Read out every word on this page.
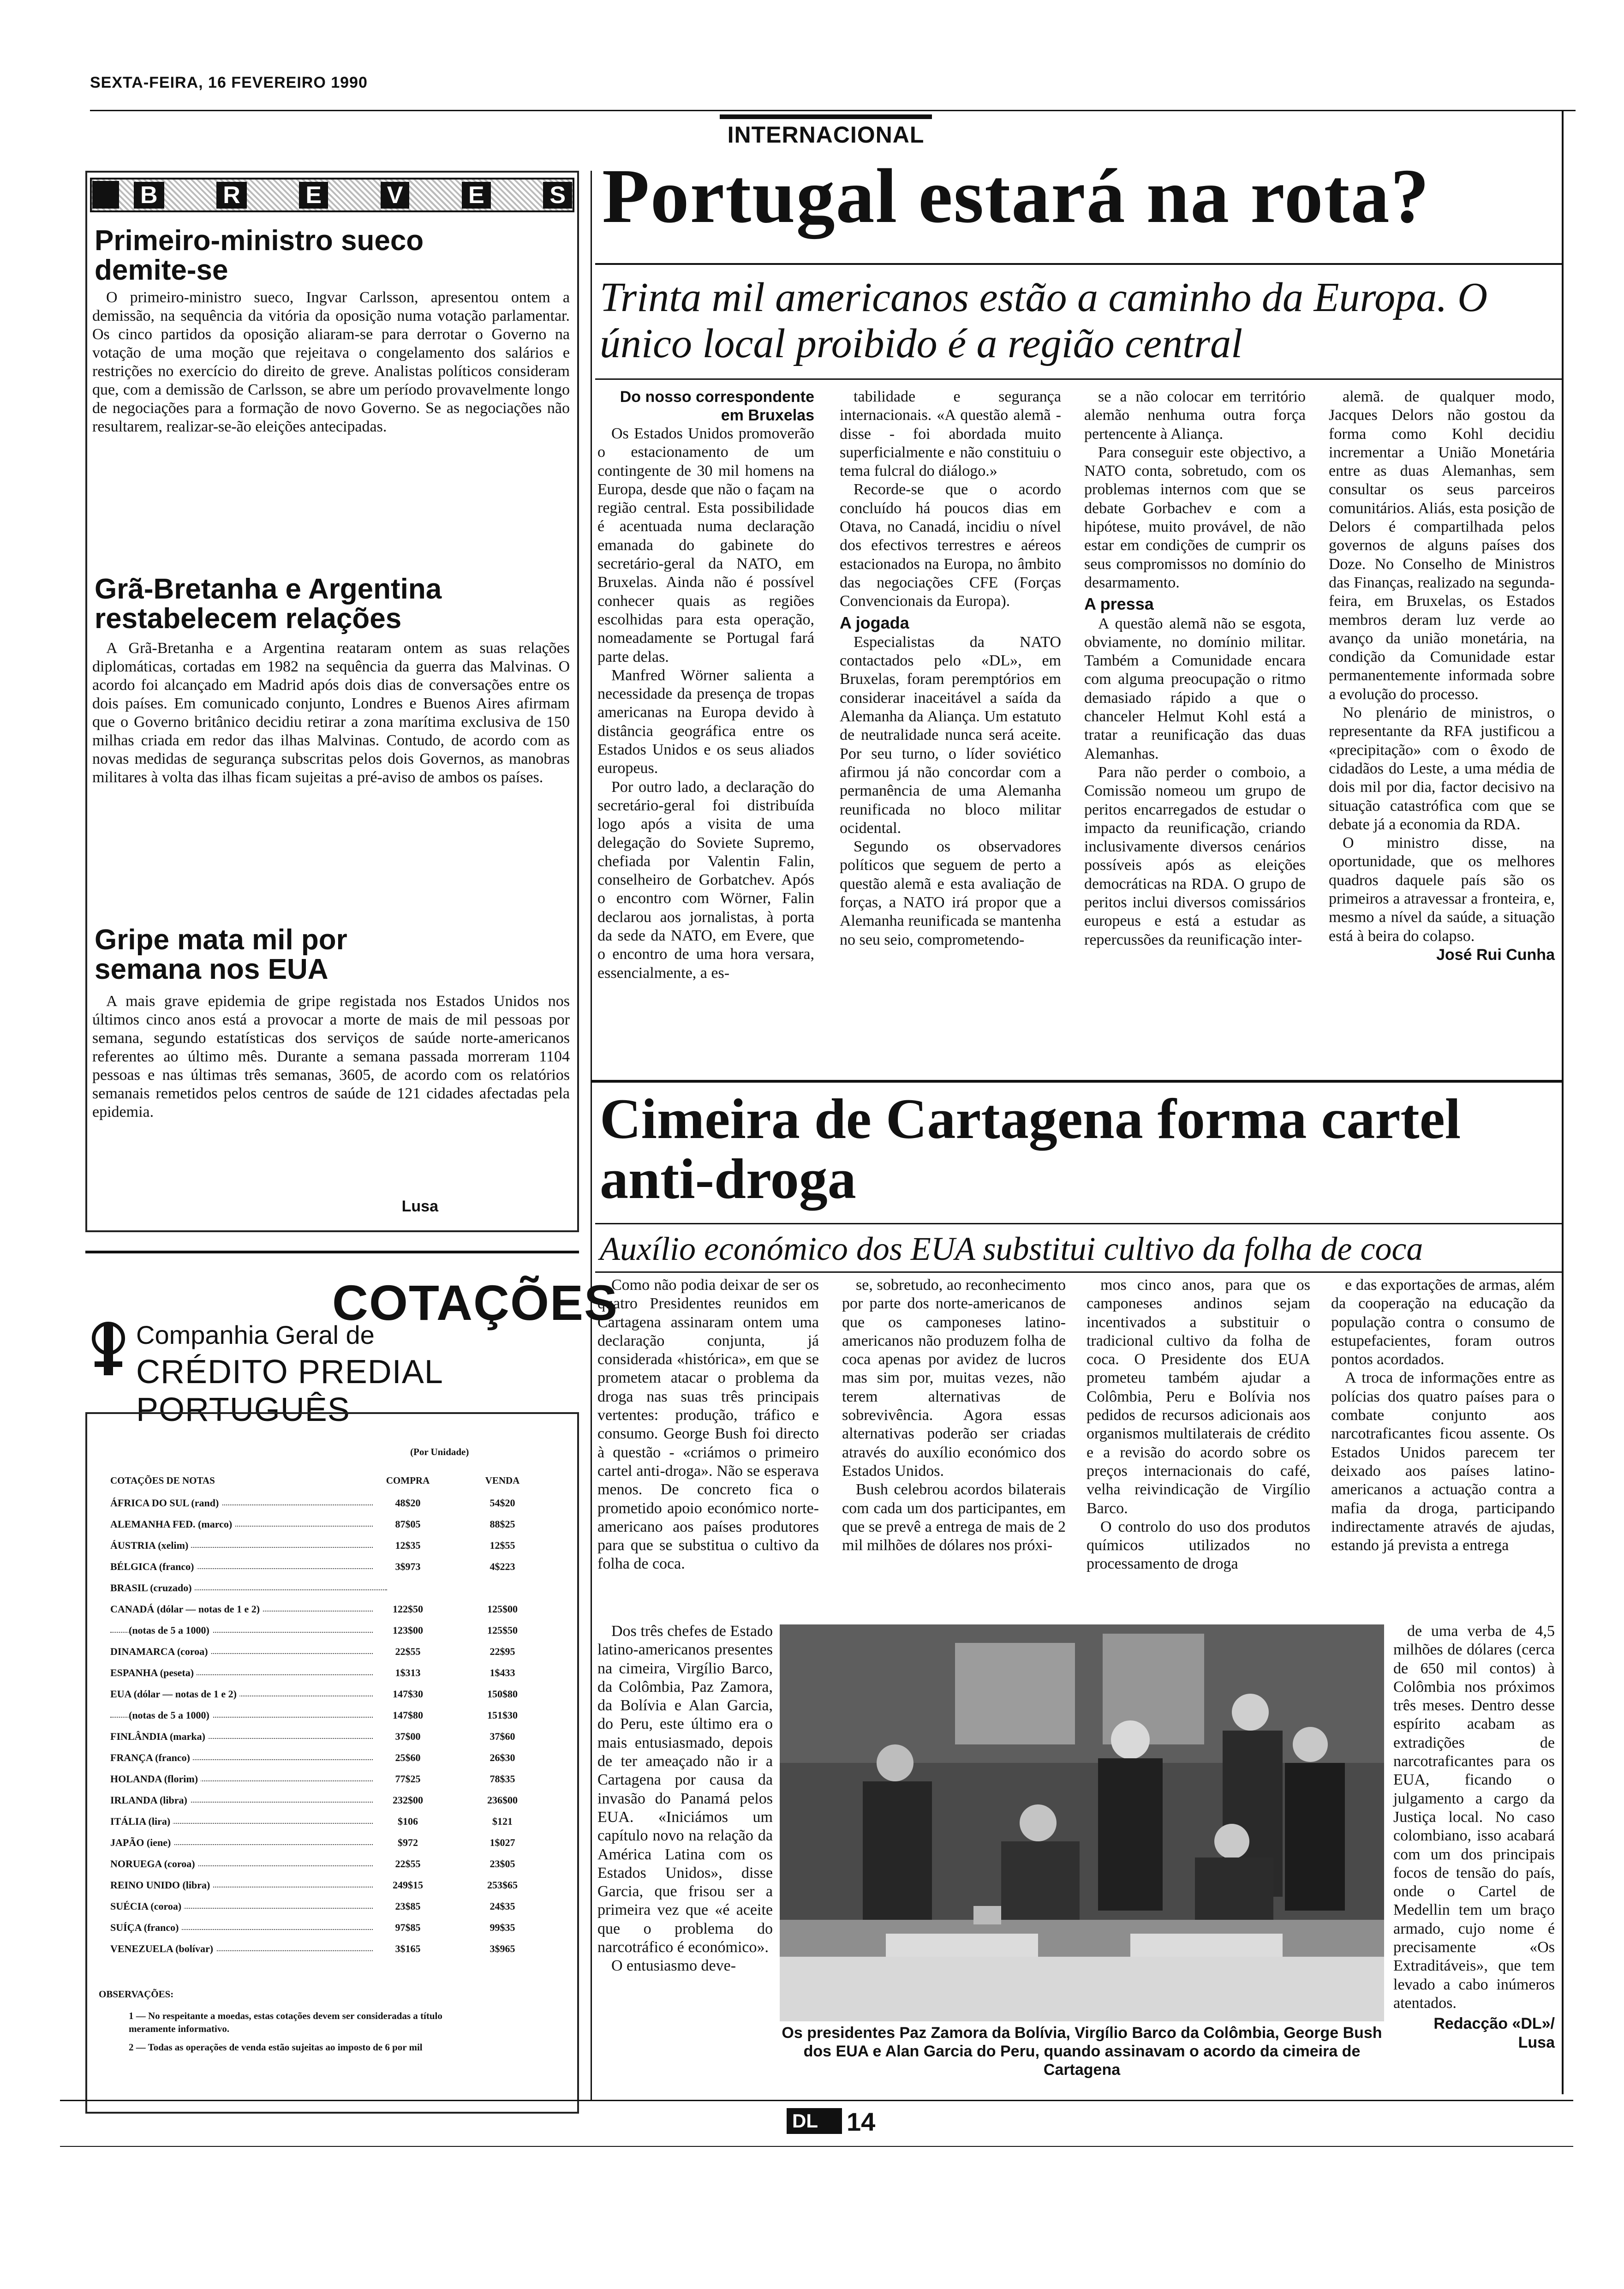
SEXTA-FEIRA, 16 FEVEREIRO 1990
INTERNACIONAL
B	R	E	V	E	S
Primeiro-ministro sueco demite-se
O primeiro-ministro sueco, Ingvar Carlsson, apresentou ontem a demissão, na sequência da vitória da oposição numa votação parlamentar. Os cinco partidos da oposição aliaram-se para derrotar o Governo na votação de uma moção que rejeitava o congelamento dos salários e restrições no exercício do direito de greve. Analistas políticos consideram que, com a demissão de Carlsson, se abre um período provavelmente longo de negociações para a formação de novo Governo. Se as negociações não resultarem, realizar-se-ão eleições antecipadas.
Grã-Bretanha e Argentina restabelecem relações
A Grã-Bretanha e a Argentina reataram ontem as suas relações diplomáticas, cortadas em 1982 na sequência da guerra das Malvinas. O acordo foi alcançado em Madrid após dois dias de conversações entre os dois países. Em comunicado conjunto, Londres e Buenos Aires afirmam que o Governo britânico decidiu retirar a zona marítima exclusiva de 150 milhas criada em redor das ilhas Malvinas. Contudo, de acordo com as novas medidas de segurança subscritas pelos dois Governos, as manobras militares à volta das ilhas ficam sujeitas a pré-aviso de ambos os países.
Gripe mata mil por semana nos EUA
A mais grave epidemia de gripe registada nos Estados Unidos nos últimos cinco anos está a provocar a morte de mais de mil pessoas por semana, segundo estatísticas dos serviços de saúde norte-americanos referentes ao último mês. Durante a semana passada morreram 1104 pessoas e nas últimas três semanas, 3605, de acordo com os relatórios semanais remetidos pelos centros de saúde de 121 cidades afectadas pela epidemia.
Lusa
Portugal estará na rota?
Trinta mil americanos estão a caminho da Europa. O único local proibido é a região central
Do nosso correspondente em Bruxelas

Os Estados Unidos promoverão o estacionamento de um contingente de 30 mil homens na Europa, desde que não o façam na região central. Esta possibilidade é acentuada numa declaração emanada do gabinete do secretário-geral da NATO, em Bruxelas. Ainda não é possível conhecer quais as regiões escolhidas para esta operação, nomeadamente se Portugal fará parte delas.

Manfred Wörner salienta a necessidade da presença de tropas americanas na Europa devido à distância geográfica entre os Estados Unidos e os seus aliados europeus.

Por outro lado, a declaração do secretário-geral foi distribuída logo após a visita de uma delegação do Soviete Supremo, chefiada por Valentin Falin, conselheiro de Gorbatchev. Após o encontro com Wörner, Falin declarou aos jornalistas, à porta da sede da NATO, em Evere, que o encontro de uma hora versara, essencialmente, a es-

tabilidade e segurança internacionais. «A questão alemã - disse - foi abordada muito superficialmente e não constituiu o tema fulcral do diálogo.»

Recorde-se que o acordo concluído há poucos dias em Otava, no Canadá, incidiu o nível dos efectivos terrestres e aéreos estacionados na Europa, no âmbito das negociações CFE (Forças Convencionais da Europa).

A jogada

Especialistas da NATO contactados pelo «DL», em Bruxelas, foram peremptórios em considerar inaceitável a saída da Alemanha da Aliança. Um estatuto de neutralidade nunca será aceite. Por seu turno, o líder soviético afirmou já não concordar com a permanência de uma Alemanha reunificada no bloco militar ocidental.

Segundo os observadores políticos que seguem de perto a questão alemã e esta avaliação de forças, a NATO irá propor que a Alemanha reunificada se mantenha no seu seio, comprometendo-

se a não colocar em território alemão nenhuma outra força pertencente à Aliança.

Para conseguir este objectivo, a NATO conta, sobretudo, com os problemas internos com que se debate Gorbachev e com a hipótese, muito provável, de não estar em condições de cumprir os seus compromissos no domínio do desarmamento.

A pressa

A questão alemã não se esgota, obviamente, no domínio militar. Também a Comunidade encara com alguma preocupação o ritmo demasiado rápido a que o chanceler Helmut Kohl está a tratar a reunificação das duas Alemanhas.

Para não perder o comboio, a Comissão nomeou um grupo de peritos encarregados de estudar o impacto da reunificação, criando inclusivamente diversos cenários possíveis após as eleições democráticas na RDA. O grupo de peritos inclui diversos comissários europeus e está a estudar as repercussões da reunificação inter-

alemã. de qualquer modo, Jacques Delors não gostou da forma como Kohl decidiu incrementar a União Monetária entre as duas Alemanhas, sem consultar os seus parceiros comunitários. Aliás, esta posição de Delors é compartilhada pelos governos de alguns países dos Doze. No Conselho de Ministros das Finanças, realizado na segunda-feira, em Bruxelas, os Estados membros deram luz verde ao avanço da união monetária, na condição da Comunidade estar permanentemente informada sobre a evolução do processo.

No plenário de ministros, o representante da RFA justificou a «precipitação» com o êxodo de cidadãos do Leste, a uma média de dois mil por dia, factor decisivo na situação catastrófica com que se debate já a economia da RDA.

O ministro disse, na oportunidade, que os melhores quadros daquele país são os primeiros a atravessar a fronteira, e, mesmo a nível da saúde, a situação está à beira do colapso.

José Rui Cunha
Cimeira de Cartagena forma cartel anti-droga
Auxílio económico dos EUA substitui cultivo da folha de coca

Como não podia deixar de ser os quatro Presidentes reunidos em Cartagena assinaram ontem uma declaração conjunta, já considerada «histórica», em que se prometem atacar o problema da droga nas suas três principais vertentes: produção, tráfico e consumo. George Bush foi directo à questão - «criámos o primeiro cartel anti-droga». Não se esperava menos. De concreto fica o prometido apoio económico norte-americano aos países produtores para que se substitua o cultivo da folha de coca.

Dos três chefes de Estado latino-americanos presentes na cimeira, Virgílio Barco, da Colômbia, Paz Zamora, da Bolívia e Alan Garcia, do Peru, este último era o mais entusiasmado, depois de ter ameaçado não ir a Cartagena por causa da invasão do Panamá pelos EUA. «Iniciámos um capítulo novo na relação da América Latina com os Estados Unidos», disse Garcia, que frisou ser a primeira vez que «é aceite que o problema do narcotráfico é económico».

O entusiasmo deve-

se, sobretudo, ao reconhecimento por parte dos norte-americanos de que os camponeses latino-americanos não produzem folha de coca apenas por avidez de lucros mas sim por, muitas vezes, não terem alternativas de sobrevivência. Agora essas alternativas poderão ser criadas através do auxílio económico dos Estados Unidos.

Bush celebrou acordos bilaterais com cada um dos participantes, em que se prevê a entrega de mais de 2 mil milhões de dólares nos próxi-

mos cinco anos, para que os camponeses andinos sejam incentivados a substituir o tradicional cultivo da folha de coca. O Presidente dos EUA prometeu também ajudar a Colômbia, Peru e Bolívia nos pedidos de recursos adicionais aos organismos multilaterais de crédito e a revisão do acordo sobre os preços internacionais do café, velha reivindicação de Virgílio Barco.

O controlo do uso dos produtos químicos utilizados no processamento de droga

e das exportações de armas, além da cooperação na educação da população contra o consumo de estupefacientes, foram outros pontos acordados.

A troca de informações entre as polícias dos quatro países para o combate conjunto aos narcotraficantes ficou assente. Os Estados Unidos parecem ter deixado aos países latino-americanos a actuação contra a mafia da droga, participando indirectamente através de ajudas, estando já prevista a entrega

de uma verba de 4,5 milhões de dólares (cerca de 650 mil contos) à Colômbia nos próximos três meses. Dentro desse espírito acabam as extradições de narcotraficantes para os EUA, ficando o julgamento a cargo da Justiça local. No caso colombiano, isso acabará com um dos principais focos de tensão do país, onde o Cartel de Medellin tem um braço armado, cujo nome é precisamente «Os Extraditáveis», que tem levado a cabo inúmeros atentados.

Redacção «DL»/
Lusa
Os presidentes Paz Zamora da Bolívia, Virgílio Barco da Colômbia, George Bush dos EUA e Alan Garcia do Peru, quando assinavam o acordo da cimeira de Cartagena
COTAÇÕES
Companhia Geral de
CRÉDITO PREDIAL PORTUGUÊS
(Por Unidade)
COTAÇÕES DE NOTAS	COMPRA	VENDA
ÁFRICA DO SUL (rand)	48$20	54$20
ALEMANHA FED. (marco)	87$05	88$25
ÁUSTRIA (xelim)	12$35	12$55
BÉLGICA (franco)	3$973	4$223
BRASIL (cruzado)
CANADÁ (dólar — notas de 1 e 2)	122$50	125$00
(notas de 5 a 1000)	123$00	125$50
DINAMARCA (coroa)	22$55	22$95
ESPANHA (peseta)	1$313	1$433
EUA (dólar — notas de 1 e 2)	147$30	150$80
(notas de 5 a 1000)	147$80	151$30
FINLÂNDIA (marka)	37$00	37$60
FRANÇA (franco)	25$60	26$30
HOLANDA (florim)	77$25	78$35
IRLANDA (libra)	232$00	236$00
ITÁLIA (lira)	$106	$121
JAPÃO (iene)	$972	1$027
NORUEGA (coroa)	22$55	23$05
REINO UNIDO (libra)	249$15	253$65
SUÉCIA (coroa)	23$85	24$35
SUÍÇA (franco)	97$85	99$35
VENEZUELA (bolívar)	3$165	3$965
OBSERVAÇÕES:
1 — No respeitante a moedas, estas cotações devem ser consideradas a título meramente informativo.
2 — Todas as operações de venda estão sujeitas ao imposto de 6 por mil
DL 14
